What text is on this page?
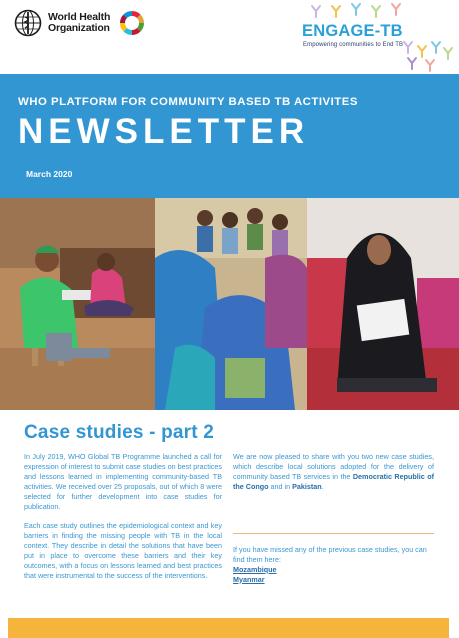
World Health
Organization	ENGAGE-TB
Empowering communities to End TB
WHO PLATFORM FOR COMMUNITY BASED TB ACTIVITES
NEWSLETTER
March 2020
Case studies - part 2

In July 2019, WHO Global TB Programme launched a call for expression of interest to submit case studies on best practices and lessons learned in implementing community-based TB activities. We received over 25 proposals, out of which 8 were selected for further development into case studies for publication.

Each case study outlines the epidemiological context and key barriers in finding the missing people with TB in the local context. They describe in detail the solutions that have been put in place to overcome these barriers and their key outcomes, with a focus on lessons learned and best practices that were instrumental to the success of the interventions.

We are now pleased to share with you two new case studies, which describe local solutions adopted for the delivery of community based TB services in the Democratic Republic of the Congo and in Pakistan.

If you have missed any of the previous case studies, you can find them here:
Mozambique
Myanmar
